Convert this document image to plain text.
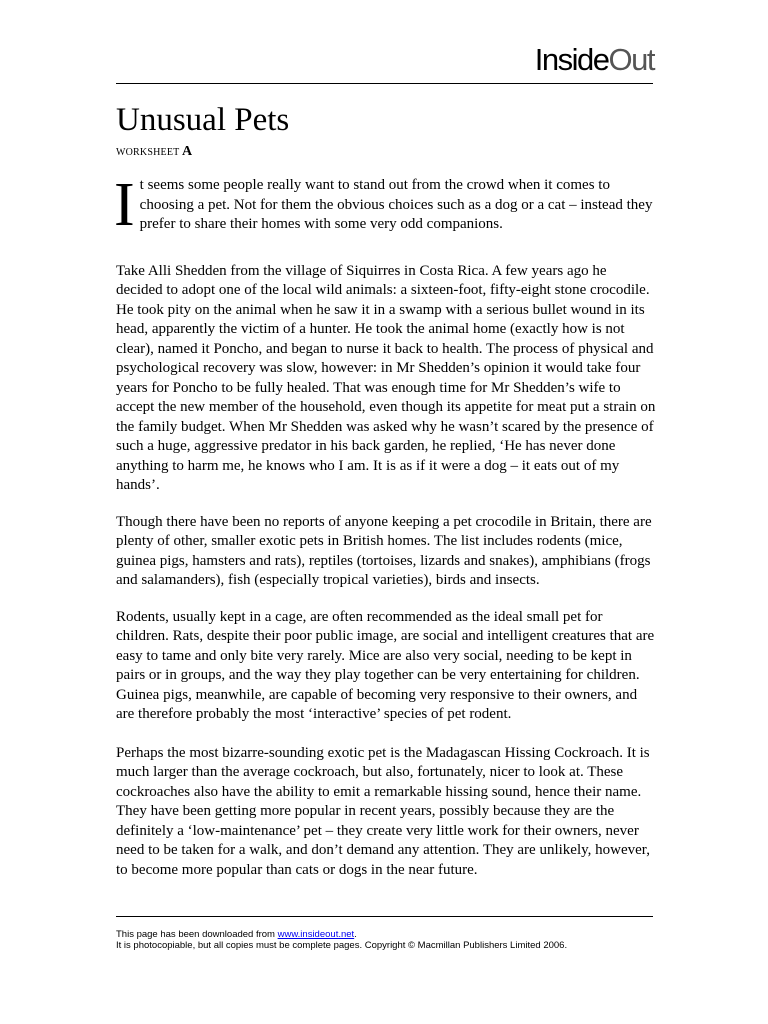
InsideOut
Unusual Pets
WORKSHEET A

It seems some people really want to stand out from the crowd when it comes to choosing a pet. Not for them the obvious choices such as a dog or a cat – instead they prefer to share their homes with some very odd companions.

Take Alli Shedden from the village of Siquirres in Costa Rica. A few years ago he decided to adopt one of the local wild animals: a sixteen-foot, fifty-eight stone crocodile. He took pity on the animal when he saw it in a swamp with a serious bullet wound in its head, apparently the victim of a hunter. He took the animal home (exactly how is not clear), named it Poncho, and began to nurse it back to health. The process of physical and psychological recovery was slow, however: in Mr Shedden’s opinion it would take four years for Poncho to be fully healed. That was enough time for Mr Shedden’s wife to accept the new member of the household, even though its appetite for meat put a strain on the family budget. When Mr Shedden was asked why he wasn’t scared by the presence of such a huge, aggressive predator in his back garden, he replied, ‘He has never done anything to harm me, he knows who I am. It is as if it were a dog – it eats out of my hands’.

Though there have been no reports of anyone keeping a pet crocodile in Britain, there are plenty of other, smaller exotic pets in British homes. The list includes rodents (mice, guinea pigs, hamsters and rats), reptiles (tortoises, lizards and snakes), amphibians (frogs and salamanders), fish (especially tropical varieties), birds and insects.

Rodents, usually kept in a cage, are often recommended as the ideal small pet for children. Rats, despite their poor public image, are social and intelligent creatures that are easy to tame and only bite very rarely. Mice are also very social, needing to be kept in pairs or in groups, and the way they play together can be very entertaining for children. Guinea pigs, meanwhile, are capable of becoming very responsive to their owners, and are therefore probably the most ‘interactive’ species of pet rodent.

Perhaps the most bizarre-sounding exotic pet is the Madagascan Hissing Cockroach. It is much larger than the average cockroach, but also, fortunately, nicer to look at. These cockroaches also have the ability to emit a remarkable hissing sound, hence their name. They have been getting more popular in recent years, possibly because they are the definitely a ‘low-maintenance’ pet – they create very little work for their owners, never need to be taken for a walk, and don’t demand any attention. They are unlikely, however, to become more popular than cats or dogs in the near future.

This page has been downloaded from www.insideout.net.
It is photocopiable, but all copies must be complete pages. Copyright © Macmillan Publishers Limited 2006.
